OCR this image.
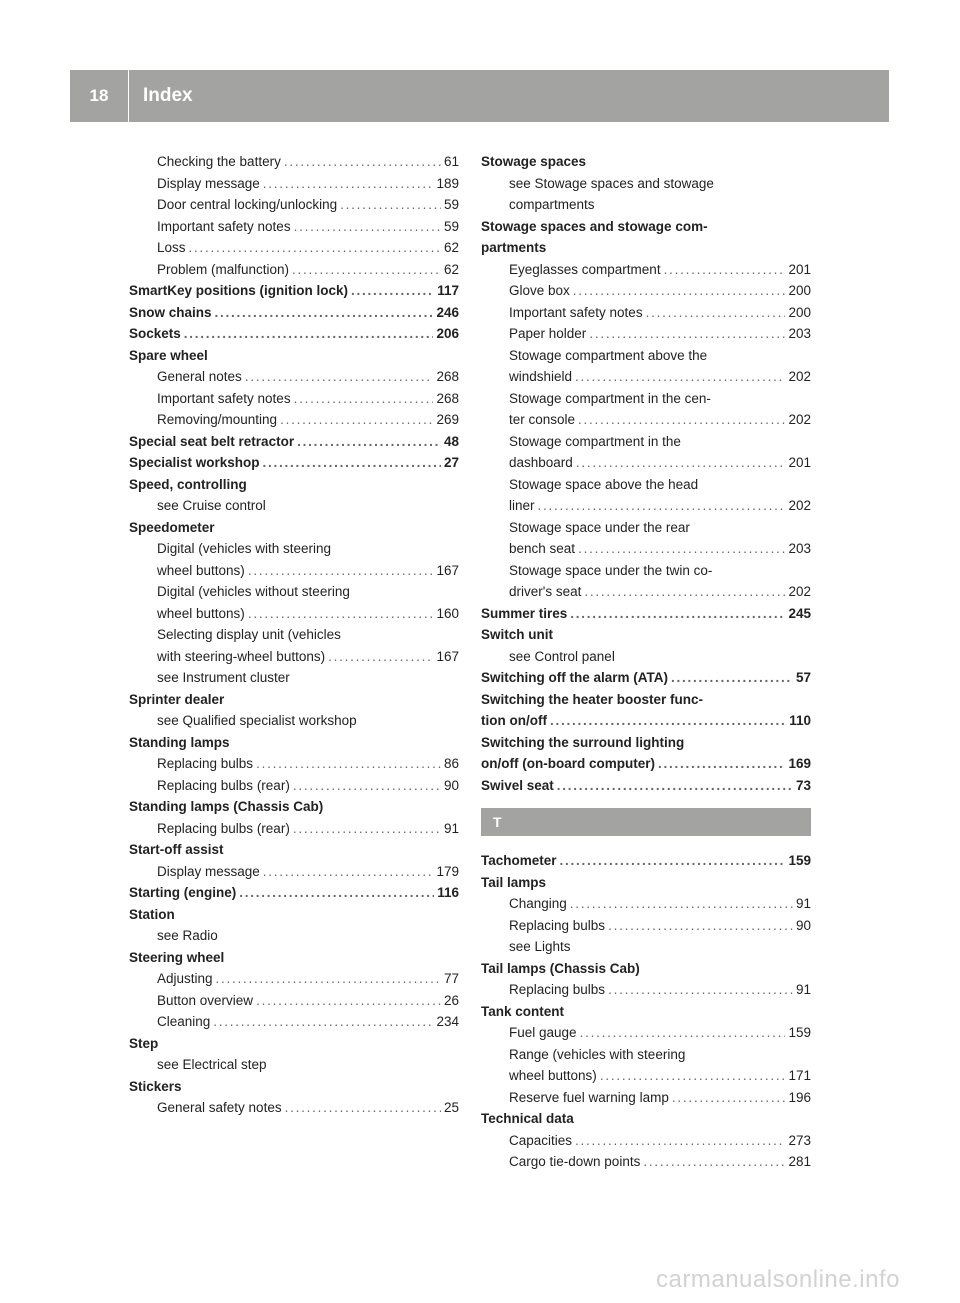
18	Index
Checking the battery . . .	61
Display message . . .	189
Door central locking/unlocking . . .	59
Important safety notes . . .	59
Loss . . .	62
Problem (malfunction) . . .	62
SmartKey positions (ignition lock) . . .	117
Snow chains . . .	246
Sockets . . .	206
Spare wheel
General notes . . .	268
Important safety notes . . .	268
Removing/mounting . . .	269
Special seat belt retractor . . .	48
Specialist workshop . . .	27
Speed, controlling
see Cruise control
Speedometer
Digital (vehicles with steering
wheel buttons) . . .	167
Digital (vehicles without steering
wheel buttons) . . .	160
Selecting display unit (vehicles
with steering-wheel buttons) . . .	167
see Instrument cluster
Sprinter dealer
see Qualified specialist workshop
Standing lamps
Replacing bulbs . . .	86
Replacing bulbs (rear) . . .	90
Standing lamps (Chassis Cab)
Replacing bulbs (rear) . . .	91
Start-off assist
Display message . . .	179
Starting (engine) . . .	116
Station
see Radio
Steering wheel
Adjusting . . .	77
Button overview . . .	26
Cleaning . . .	234
Step
see Electrical step
Stickers
General safety notes . . .	25
Stowage spaces
see Stowage spaces and stowage
compartments
Stowage spaces and stowage com-
partments
Eyeglasses compartment . . .	201
Glove box . . .	200
Important safety notes . . .	200
Paper holder . . .	203
Stowage compartment above the
windshield . . .	202
Stowage compartment in the cen-
ter console . . .	202
Stowage compartment in the
dashboard . . .	201
Stowage space above the head
liner . . .	202
Stowage space under the rear
bench seat . . .	203
Stowage space under the twin co-
driver's seat . . .	202
Summer tires . . .	245
Switch unit
see Control panel
Switching off the alarm (ATA) . . .	57
Switching the heater booster func-
tion on/off . . .	110
Switching the surround lighting
on/off (on-board computer) . . .	169
Swivel seat . . .	73
T
Tachometer . . .	159
Tail lamps
Changing . . .	91
Replacing bulbs . . .	90
see Lights
Tail lamps (Chassis Cab)
Replacing bulbs . . .	91
Tank content
Fuel gauge . . .	159
Range (vehicles with steering
wheel buttons) . . .	171
Reserve fuel warning lamp . . .	196
Technical data
Capacities . . .	273
Cargo tie-down points . . .	281
carmanualsonline.info
